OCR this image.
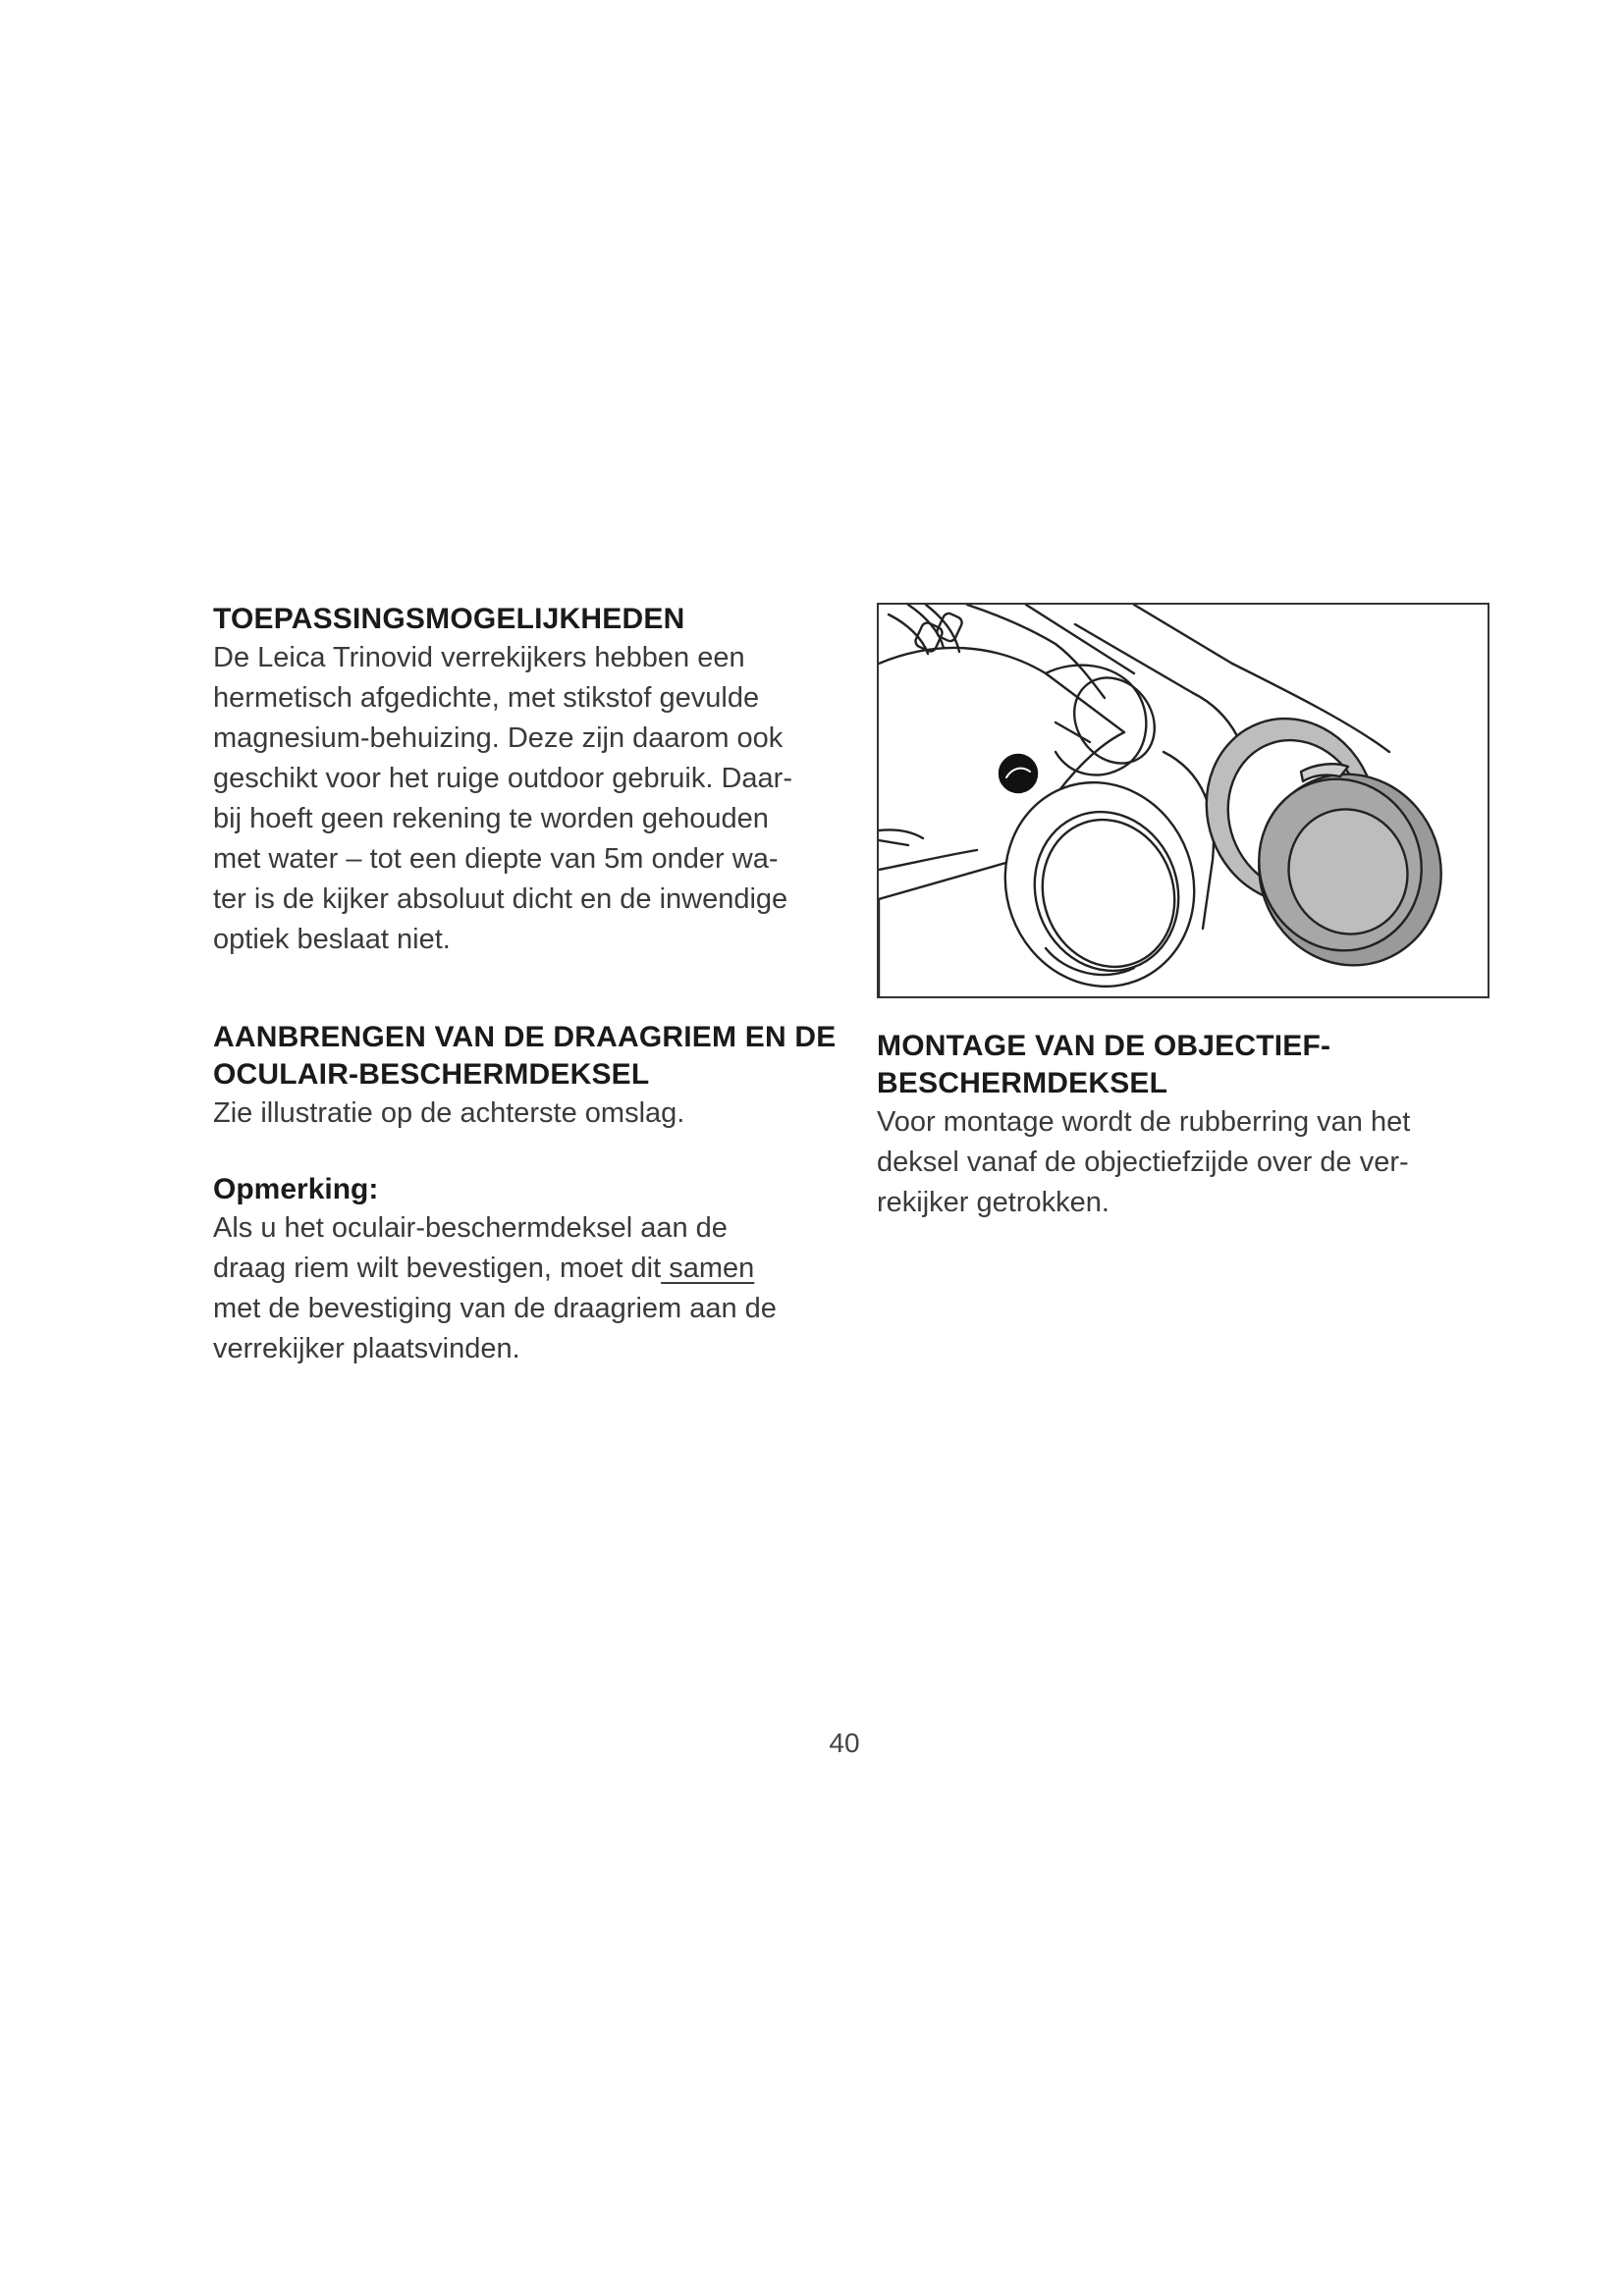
TOEPASSINGSMOGELIJKHEDEN

De Leica Trinovid verrekijkers hebben een

hermetisch afgedichte, met stikstof gevulde

magnesium-behuizing. Deze zijn daarom ook

geschikt voor het ruige outdoor gebruik. Daar-

bij hoeft geen rekening te worden gehouden

met water – tot een diepte van 5m onder wa-

ter is de kijker absoluut dicht en de inwendige

optiek beslaat niet.

AANBRENGEN VAN DE DRAAGRIEM EN DE
OCULAIR-BESCHERMDEKSEL

Zie illustratie op de achterste omslag.

Opmerking:

Als u het oculair-beschermdeksel aan de

draag riem wilt bevestigen, moet dit samen

met de bevestiging van de draagriem aan de

verrekijker plaatsvinden.

MONTAGE VAN DE OBJECTIEF-
BESCHERMDEKSEL

Voor montage wordt de rubberring van het

deksel vanaf de objectiefzijde over de ver-

rekijker getrokken.

40
